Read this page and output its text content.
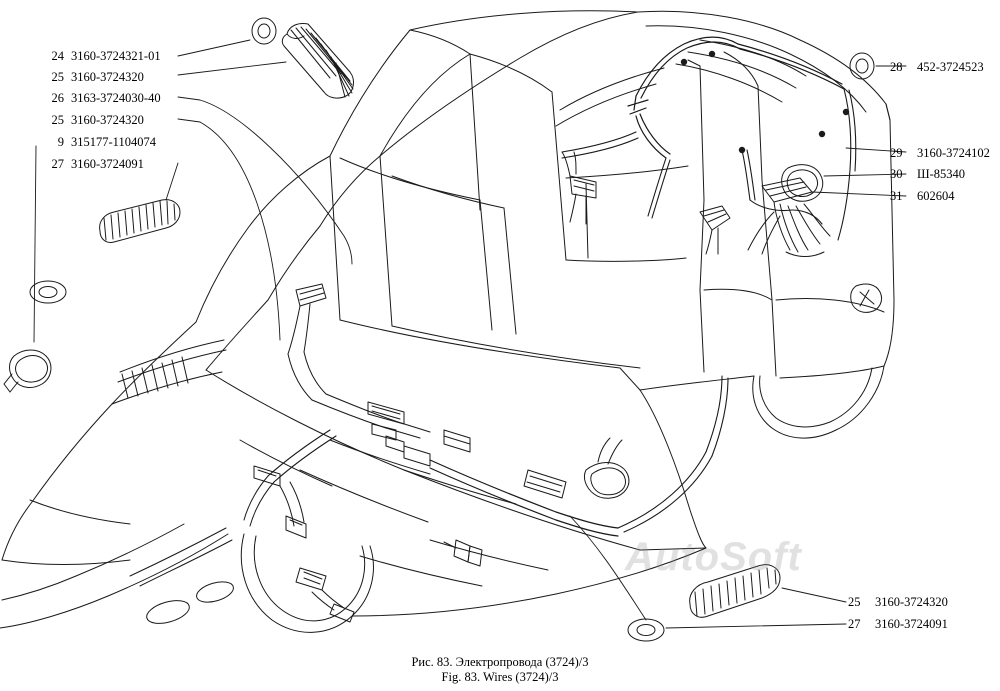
AutoSoft
24 3160-3724321-01
25 3160-3724320
26 3163-3724030-40
25 3160-3724320
9 315177-1104074
27 3160-3724091
28 452-3724523
29 3160-3724102
30 Ш-85340
31 602604
25 3160-3724320
27 3160-3724091
Рис. 83. Электропровода (3724)/3
Fig. 83. Wires (3724)/3
